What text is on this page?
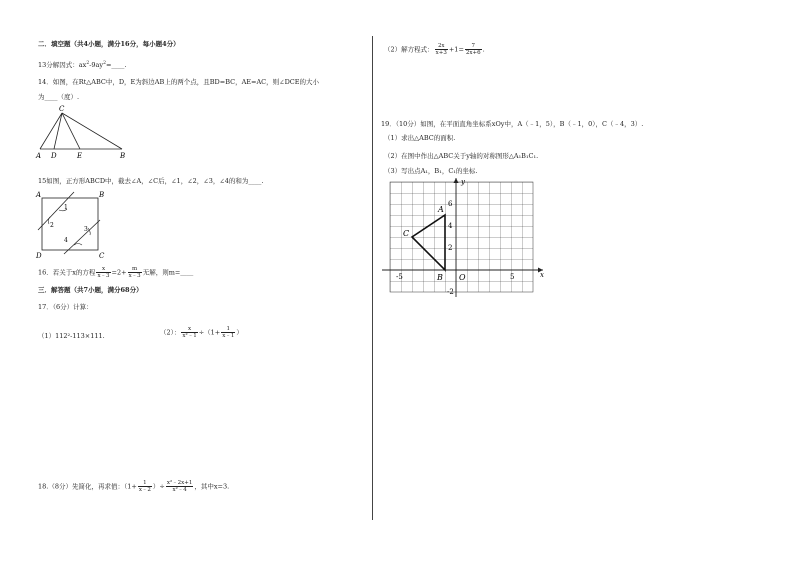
二．填空题（共4小题，满分16分，每小题4分）
13分解因式：$ax^2-9ay^2=\_\_\_\_$.
14．如图，在Rt△ABC中，D，E为斜边AB上的两个点，且BD=BC，AE=AC，则∠DCE的大小
为____（度）.
C
A D	E	B
15如图，正方形ABCD中，截去∠A，∠C后，∠1，∠2，∠3，∠4的和为____.
A	B
C
D
1
2
3
4
16．若关于x的方程 $\frac{x}{x﹣3} =2+ \frac{m}{x﹣3}$ 无解，则m=____
三．解答题（共7小题，满分68分）
17．（6分）计算：
（1）112²-113×111.	（2）： $\frac{x}{\text{x²﹣1}} \div(1+ \frac{1}{x﹣1}$ ）
18.（8分）先简化，再求值：（$1+ \frac{1}{x﹣2}$ ）÷ $\frac{\text{x²﹣2x+1}}{\text{x²﹣4}}$ ，其中x=3.
（2）解方程式： $\frac{2x}{x+3} +1= \frac{7}{2x+6}$ .
19．（10分）如图，在平面直角坐标系xOy中，A（﹣1，5），B（﹣1，0），C（﹣4，3）.
（1）求出△ABC的面积.
（2）在图中作出△ABC关于y轴的对称图形△A₁B₁C₁.
（3）写出点A₁，B₁，C₁的坐标.
A
B
C
O
y
x
6
4
2
-2
-5	5
